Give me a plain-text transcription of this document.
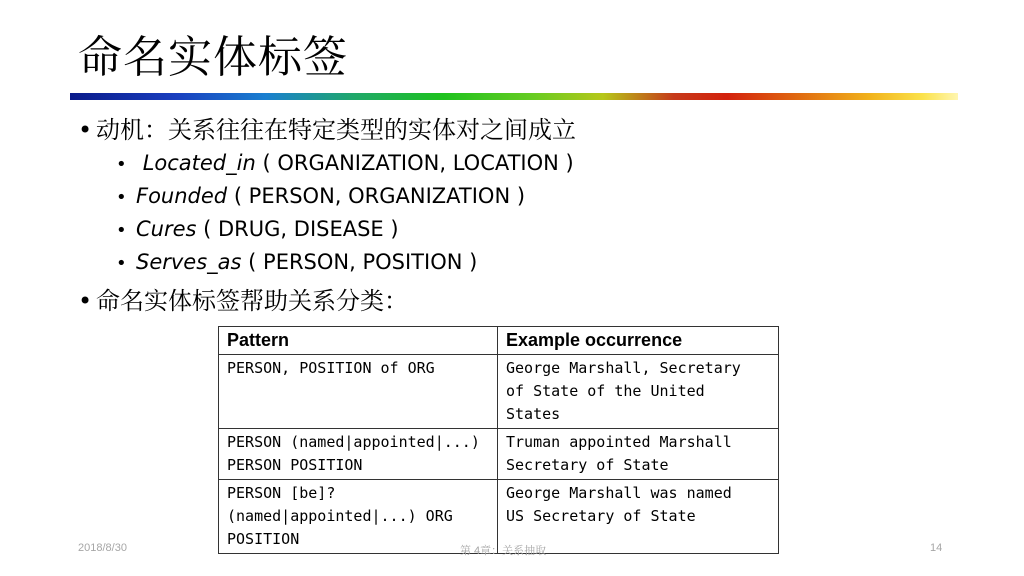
命名实体标签
• 动机：关系往往在特定类型的实体对之间成立
• Located_in ( ORGANIZATION, LOCATION )
• Founded ( PERSON, ORGANIZATION )
• Cures ( DRUG, DISEASE )
• Serves_as ( PERSON, POSITION )
• 命名实体标签帮助关系分类：
Pattern	Example occurrence

PERSON, POSITION of ORG	George Marshall, Secretary
of State of the United
States

PERSON (named|appointed|...)
PERSON POSITION	Truman appointed Marshall
Secretary of State

PERSON [be]?
(named|appointed|...) ORG
POSITION	George Marshall was named
US Secretary of State
2018/8/30	第 4章：关系抽取	14
